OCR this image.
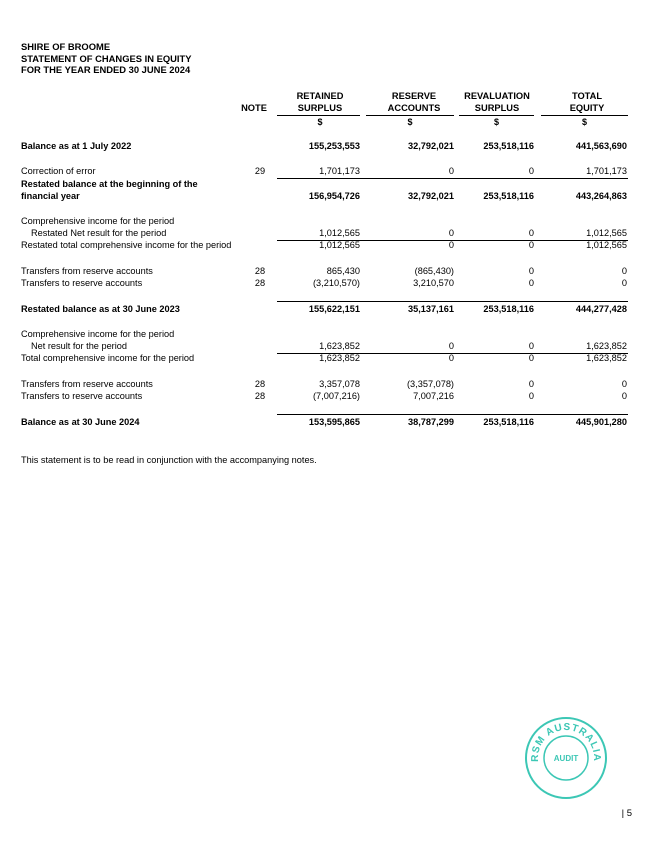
SHIRE OF BROOME
STATEMENT OF CHANGES IN EQUITY
FOR THE YEAR ENDED 30 JUNE 2024
NOTE
RETAINED
SURPLUS
RESERVE
ACCOUNTS
REVALUATION
SURPLUS
TOTAL
EQUITY
$	$	$	$
Balance as at 1 July 2022	155,253,553	32,792,021	253,518,116	441,563,690
Correction of error	29	1,701,173	0	0	1,701,173
Restated balance at the beginning of the
financial year	156,954,726	32,792,021	253,518,116	443,264,863
Comprehensive income for the period
Restated Net result for the period	1,012,565	0	0	1,012,565
Restated total comprehensive income for the period	1,012,565	0	0	1,012,565
Transfers from reserve accounts	28	865,430	(865,430)	0	0
Transfers to reserve accounts	28	(3,210,570)	3,210,570	0	0
Restated balance as at 30 June 2023	155,622,151	35,137,161	253,518,116	444,277,428
Comprehensive income for the period
Net result for the period	1,623,852	0	0	1,623,852
Total comprehensive income for the period	1,623,852	0	0	1,623,852
Transfers from reserve accounts	28	3,357,078	(3,357,078)	0	0
Transfers to reserve accounts	28	(7,007,216)	7,007,216	0	0
Balance as at 30 June 2024	153,595,865	38,787,299	253,518,116	445,901,280
This statement is to be read in conjunction with the accompanying notes.
RSM AUSTRALIA
AUDIT
| 5
